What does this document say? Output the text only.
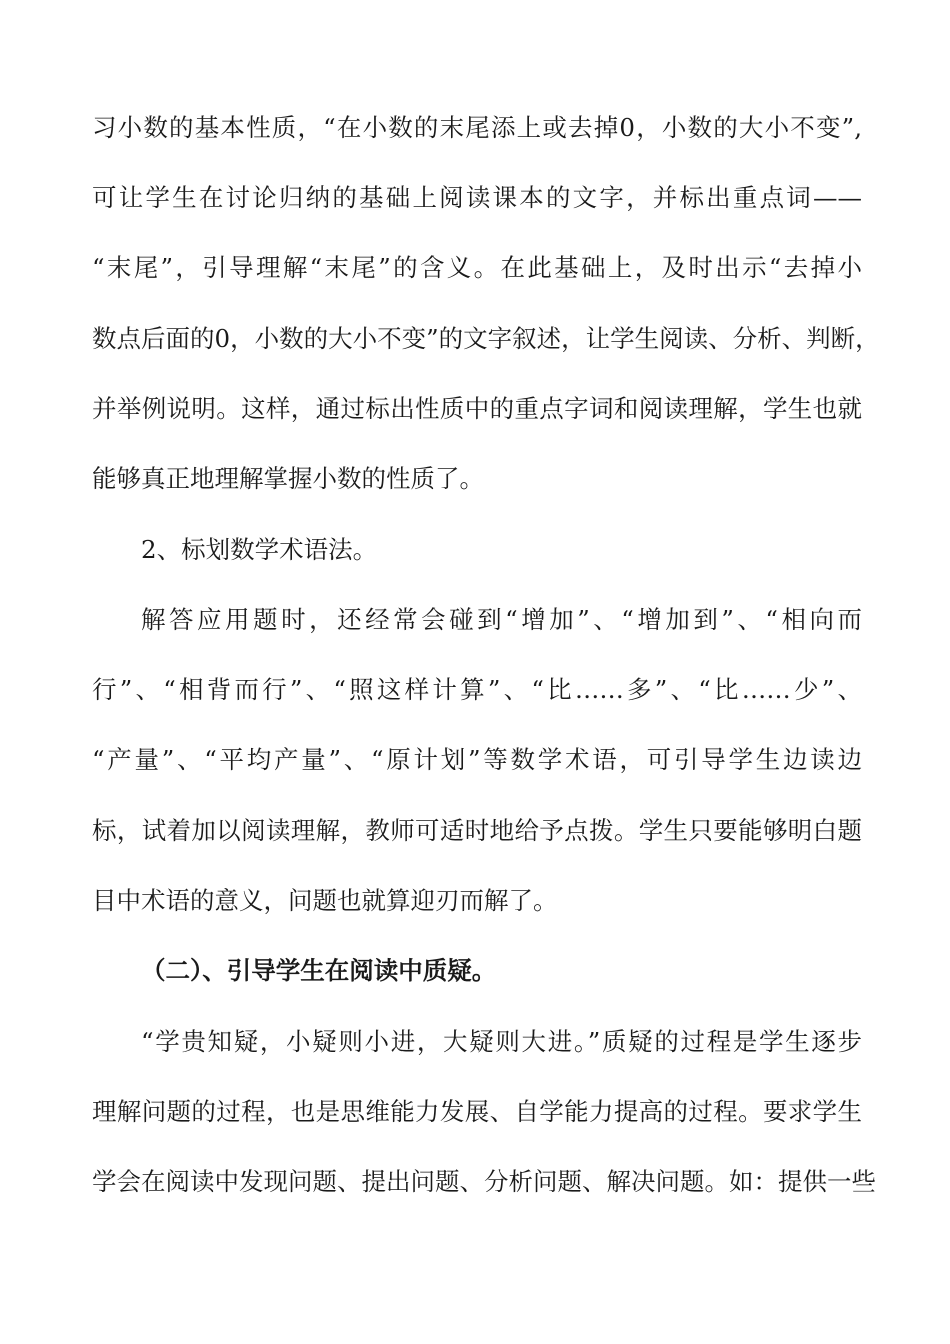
习小数的基本性质，“在小数的末尾添上或去掉0，小数的大小不变”,
可让学生在讨论归纳的基础上阅读课本的文字，并标出重点词——
“末尾”，引导理解“末尾”的含义。在此基础上，及时出示“去掉小
数点后面的0，小数的大小不变”的文字叙述，让学生阅读、分析、判断，
并举例说明。这样，通过标出性质中的重点字词和阅读理解，学生也就
能够真正地理解掌握小数的性质了。
2、标划数学术语法。
解答应用题时，还经常会碰到“增加”、“增加到”、“相向而
行”、“相背而行”、“照这样计算”、“比……多”、“比……少”、
“产量”、“平均产量”、“原计划”等数学术语，可引导学生边读边
标，试着加以阅读理解，教师可适时地给予点拨。学生只要能够明白题
目中术语的意义，问题也就算迎刃而解了。
（二）、引导学生在阅读中质疑。
“学贵知疑，小疑则小进，大疑则大进。”质疑的过程是学生逐步
理解问题的过程，也是思维能力发展、自学能力提高的过程。要求学生
学会在阅读中发现问题、提出问题、分析问题、解决问题。如：提供一些
